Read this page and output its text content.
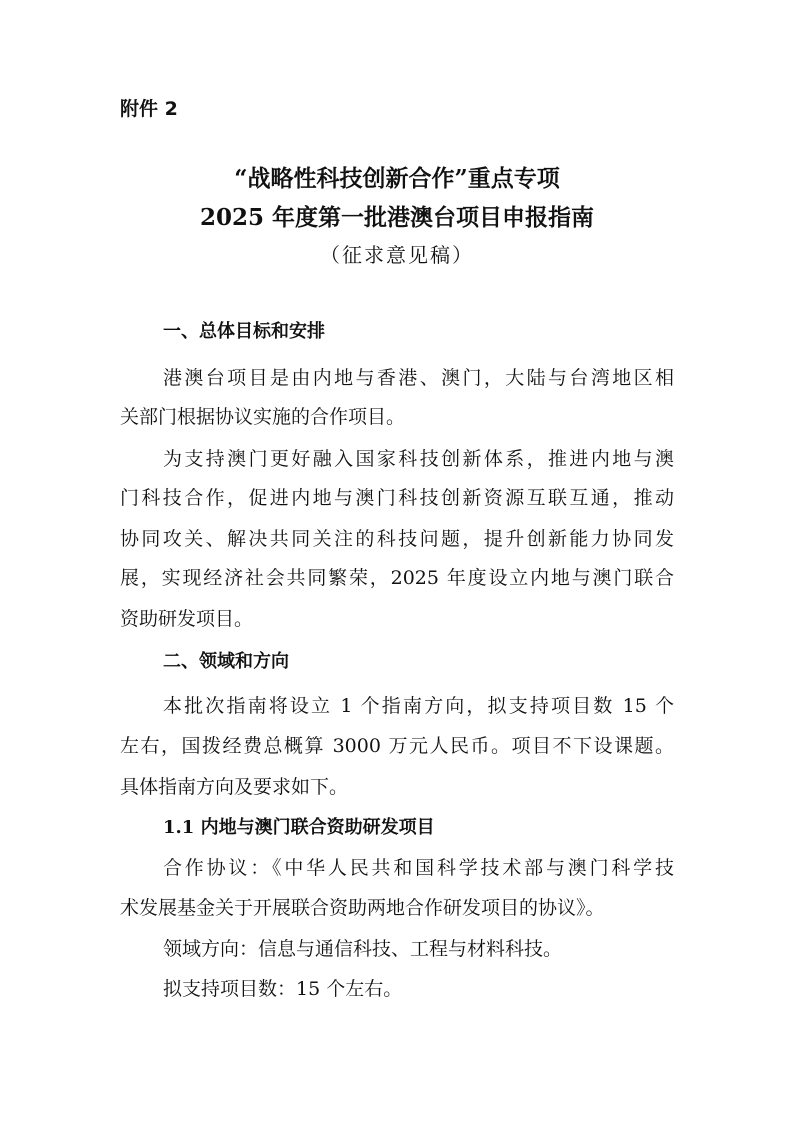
附件 2
“战略性科技创新合作”重点专项
2025 年度第一批港澳台项目申报指南
（征求意见稿）
一、总体目标和安排
港澳台项目是由内地与香港、澳门，大陆与台湾地区相
关部门根据协议实施的合作项目。
为支持澳门更好融入国家科技创新体系，推进内地与澳
门科技合作，促进内地与澳门科技创新资源互联互通，推动
协同攻关、解决共同关注的科技问题，提升创新能力协同发
展，实现经济社会共同繁荣，2025 年度设立内地与澳门联合
资助研发项目。
二、领域和方向
本批次指南将设立 1 个指南方向，拟支持项目数 15 个
左右，国拨经费总概算 3000 万元人民币。项目不下设课题。
具体指南方向及要求如下。
1.1 内地与澳门联合资助研发项目
合作协议：《中华人民共和国科学技术部与澳门科学技
术发展基金关于开展联合资助两地合作研发项目的协议》。
领域方向：信息与通信科技、工程与材料科技。
拟支持项目数：15 个左右。
